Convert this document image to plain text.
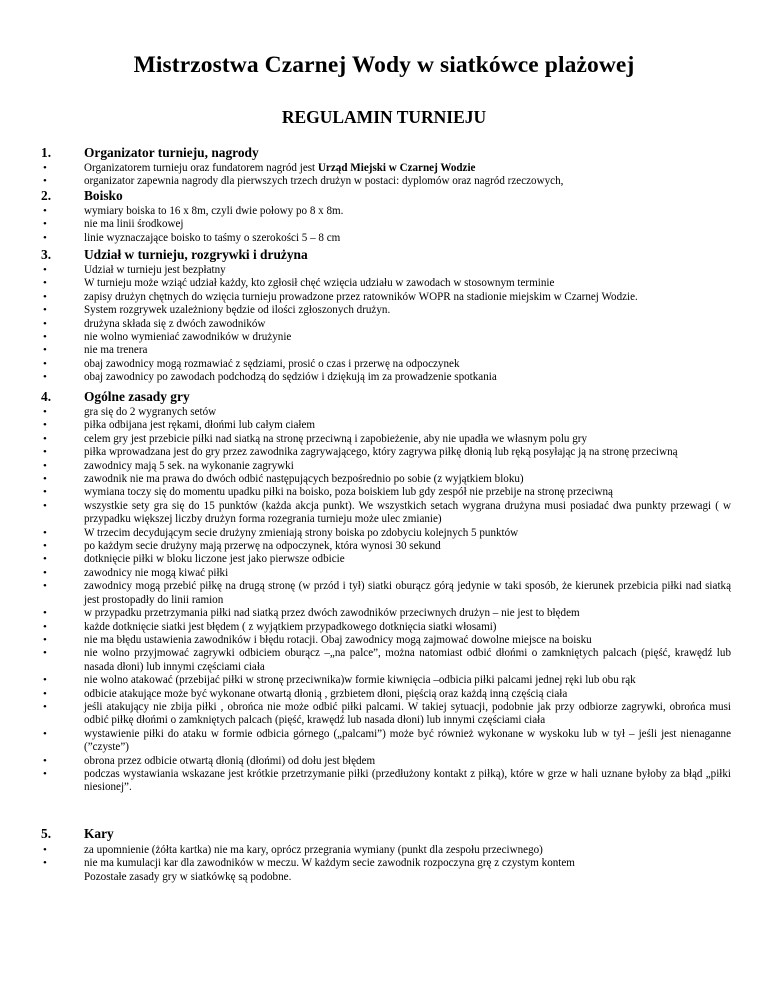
Mistrzostwa Czarnej Wody w siatkówce plażowej
REGULAMIN TURNIEJU
1. Organizator turnieju, nagrody
•	Organizatorem turnieju oraz fundatorem nagród jest Urząd Miejski w Czarnej Wodzie
•	organizator zapewnia nagrody dla pierwszych trzech drużyn w postaci: dyplomów oraz nagród rzeczowych,
2. Boisko
•	wymiary boiska to 16 x 8m, czyli dwie połowy po 8 x 8m.
•	nie ma linii środkowej
•	linie wyznaczające boisko to taśmy o szerokości 5 – 8 cm
3. Udział w turnieju, rozgrywki i drużyna
•	Udział w turnieju jest bezpłatny
•	W turnieju może wziąć udział każdy, kto zgłosił chęć wzięcia udziału w zawodach w stosownym terminie
•	zapisy drużyn chętnych do wzięcia turnieju prowadzone przez ratowników WOPR na stadionie miejskim w Czarnej Wodzie.
•	System rozgrywek uzależniony będzie od ilości zgłoszonych drużyn.
•	drużyna składa się z dwóch zawodników
•	nie wolno wymieniać zawodników w drużynie
•	nie ma trenera
•	obaj zawodnicy mogą rozmawiać z sędziami, prosić o czas i przerwę na odpoczynek
•	obaj zawodnicy po zawodach podchodzą do sędziów i dziękują im za prowadzenie spotkania
4. Ogólne zasady gry
•	gra się do 2 wygranych setów
•	piłka odbijana jest rękami, dłońmi lub całym ciałem
•	celem gry jest przebicie piłki nad siatką na stronę przeciwną i zapobieżenie, aby nie upadła we własnym polu gry
•	piłka wprowadzana jest do gry przez zawodnika zagrywającego, który zagrywa piłkę dłonią lub ręką posyłając ją na stronę przeciwną
•	zawodnicy mają 5 sek. na wykonanie zagrywki
•	zawodnik nie ma prawa do dwóch odbić następujących bezpośrednio po sobie (z wyjątkiem bloku)
•	wymiana toczy się do momentu upadku piłki na boisko, poza boiskiem lub gdy zespół nie przebije na stronę przeciwną
•	wszystkie sety gra się do 15 punktów (każda akcja punkt). We wszystkich setach wygrana drużyna musi posiadać dwa punkty przewagi ( w przypadku większej liczby drużyn forma rozegrania turnieju może ulec zmianie)
•	W trzecim decydującym secie drużyny zmieniają strony boiska po zdobyciu kolejnych 5 punktów
•	po każdym secie drużyny mają przerwę na odpoczynek, która wynosi 30 sekund
•	dotknięcie piłki w bloku liczone jest jako pierwsze odbicie
•	zawodnicy nie mogą kiwać piłki
•	zawodnicy mogą przebić piłkę na drugą stronę (w przód i tył) siatki oburącz górą jedynie w taki sposób, że kierunek przebicia piłki nad siatką jest prostopadły do linii ramion
•	w przypadku przetrzymania piłki nad siatką przez dwóch zawodników przeciwnych drużyn – nie jest to błędem
•	każde dotknięcie siatki jest błędem ( z wyjątkiem przypadkowego dotknięcia siatki włosami)
•	nie ma błędu ustawienia zawodników i błędu rotacji. Obaj zawodnicy mogą zajmować dowolne miejsce na boisku
•	nie wolno przyjmować zagrywki odbiciem oburącz –„na palce”, można natomiast odbić dłońmi o zamkniętych palcach (pięść, krawędź lub nasada dłoni) lub innymi częściami ciała
•	nie wolno atakować (przebijać piłki w stronę przeciwnika)w formie kiwnięcia –odbicia piłki palcami jednej ręki lub obu rąk
•	odbicie atakujące może być wykonane otwartą dłonią , grzbietem dłoni, pięścią oraz każdą inną częścią ciała
•	jeśli atakujący nie zbija piłki , obrońca nie może odbić piłki palcami. W takiej sytuacji, podobnie jak przy odbiorze zagrywki, obrońca musi odbić piłkę dłońmi o zamkniętych palcach (pięść, krawędź lub nasada dłoni) lub innymi częściami ciała
•	wystawienie piłki do ataku w formie odbicia górnego („palcami”) może być również wykonane w wyskoku lub w tył – jeśli jest nienaganne (”czyste”)
•	obrona przez odbicie otwartą dłonią (dłońmi) od dołu jest błędem
•	podczas wystawiania wskazane jest krótkie przetrzymanie piłki (przedłużony kontakt z piłką), które w grze w hali uznane byłoby za błąd „piłki niesionej”.
5. Kary
•	za upomnienie (żółta kartka) nie ma kary, oprócz przegrania wymiany (punkt dla zespołu przeciwnego)
•	nie ma kumulacji kar dla zawodników w meczu. W każdym secie zawodnik rozpoczyna grę z czystym kontem
Pozostałe zasady gry w siatkówkę są podobne.
